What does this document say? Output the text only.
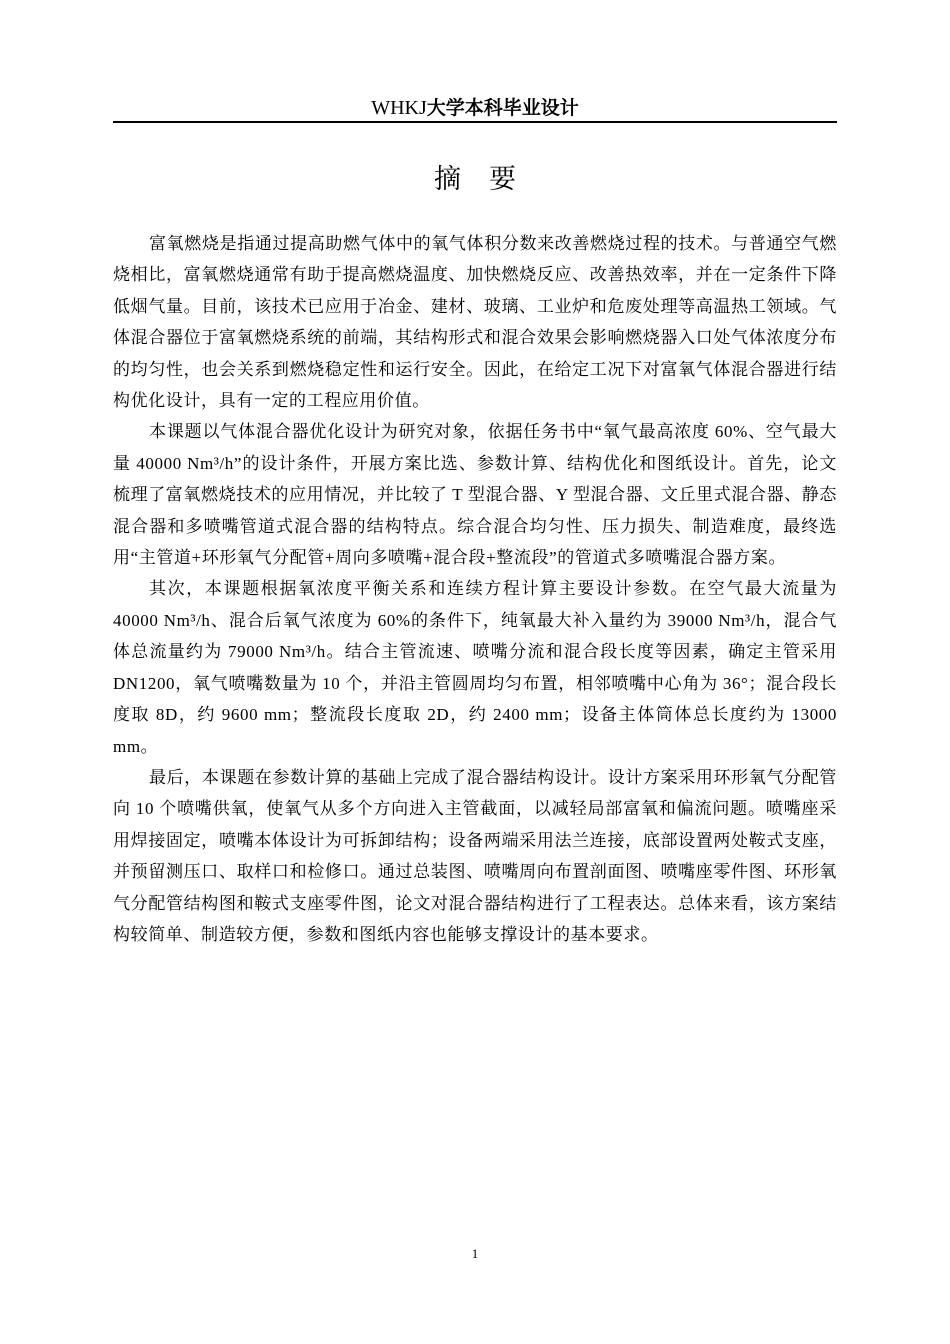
WHKJ大学本科毕业设计
摘要

富氧燃烧是指通过提高助燃气体中的氧气体积分数来改善燃烧过程的技术。与普通空气燃烧相比，富氧燃烧通常有助于提高燃烧温度、加快燃烧反应、改善热效率，并在一定条件下降低烟气量。目前，该技术已应用于冶金、建材、玻璃、工业炉和危废处理等高温热工领域。气体混合器位于富氧燃烧系统的前端，其结构形式和混合效果会影响燃烧器入口处气体浓度分布的均匀性，也会关系到燃烧稳定性和运行安全。因此，在给定工况下对富氧气体混合器进行结构优化设计，具有一定的工程应用价值。

本课题以气体混合器优化设计为研究对象，依据任务书中“氧气最高浓度 60%、空气最大量 40000 Nm³/h”的设计条件，开展方案比选、参数计算、结构优化和图纸设计。首先，论文梳理了富氧燃烧技术的应用情况，并比较了 T 型混合器、Y 型混合器、文丘里式混合器、静态混合器和多喷嘴管道式混合器的结构特点。综合混合均匀性、压力损失、制造难度，最终选用“主管道+环形氧气分配管+周向多喷嘴+混合段+整流段”的管道式多喷嘴混合器方案。

其次，本课题根据氧浓度平衡关系和连续方程计算主要设计参数。在空气最大流量为 40000 Nm³/h、混合后氧气浓度为 60%的条件下，纯氧最大补入量约为 39000 Nm³/h，混合气体总流量约为 79000 Nm³/h。结合主管流速、喷嘴分流和混合段长度等因素，确定主管采用 DN1200，氧气喷嘴数量为 10 个，并沿主管圆周均匀布置，相邻喷嘴中心角为 36°；混合段长度取 8D，约 9600 mm；整流段长度取 2D，约 2400 mm；设备主体筒体总长度约为 13000 mm。

最后，本课题在参数计算的基础上完成了混合器结构设计。设计方案采用环形氧气分配管向 10 个喷嘴供氧，使氧气从多个方向进入主管截面，以减轻局部富氧和偏流问题。喷嘴座采用焊接固定，喷嘴本体设计为可拆卸结构；设备两端采用法兰连接，底部设置两处鞍式支座，并预留测压口、取样口和检修口。通过总装图、喷嘴周向布置剖面图、喷嘴座零件图、环形氧气分配管结构图和鞍式支座零件图，论文对混合器结构进行了工程表达。总体来看，该方案结构较简单、制造较方便，参数和图纸内容也能够支撑设计的基本要求。

1
